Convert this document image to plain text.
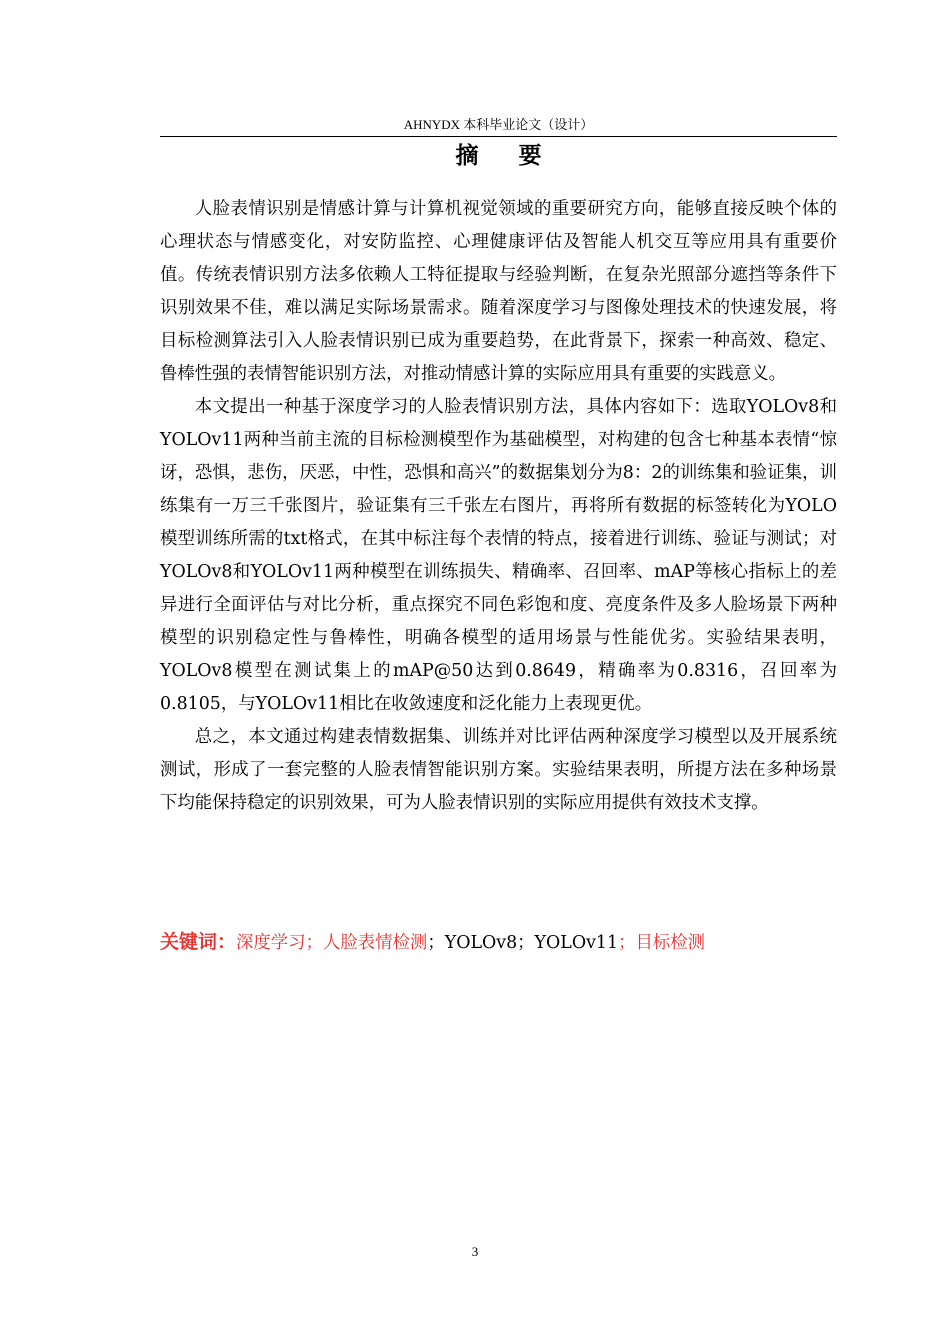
AHNYDX 本科毕业论文（设计）
摘 要

人脸表情识别是情感计算与计算机视觉领域的重要研究方向，能够直接反映个体的心理状态与情感变化，对安防监控、心理健康评估及智能人机交互等应用具有重要价值。传统表情识别方法多依赖人工特征提取与经验判断，在复杂光照部分遮挡等条件下识别效果不佳，难以满足实际场景需求。随着深度学习与图像处理技术的快速发展，将目标检测算法引入人脸表情识别已成为重要趋势，在此背景下，探索一种高效、稳定、鲁棒性强的表情智能识别方法，对推动情感计算的实际应用具有重要的实践意义。

本文提出一种基于深度学习的人脸表情识别方法，具体内容如下：选取YOLOv8和YOLOv11两种当前主流的目标检测模型作为基础模型，对构建的包含七种基本表情“惊讶，恐惧，悲伤，厌恶，中性，恐惧和高兴”的数据集划分为8：2的训练集和验证集，训练集有一万三千张图片，验证集有三千张左右图片，再将所有数据的标签转化为YOLO模型训练所需的txt格式，在其中标注每个表情的特点，接着进行训练、验证与测试；对YOLOv8和YOLOv11两种模型在训练损失、精确率、召回率、mAP等核心指标上的差异进行全面评估与对比分析，重点探究不同色彩饱和度、亮度条件及多人脸场景下两种模型的识别稳定性与鲁棒性，明确各模型的适用场景与性能优劣。实验结果表明，YOLOv8模型在测试集上的mAP@50达到0.8649，精确率为0.8316，召回率为0.8105，与YOLOv11相比在收敛速度和泛化能力上表现更优。

总之，本文通过构建表情数据集、训练并对比评估两种深度学习模型以及开展系统测试，形成了一套完整的人脸表情智能识别方案。实验结果表明，所提方法在多种场景下均能保持稳定的识别效果，可为人脸表情识别的实际应用提供有效技术支撑。

关键词：深度学习；人脸表情检测；YOLOv8；YOLOv11；目标检测
3
